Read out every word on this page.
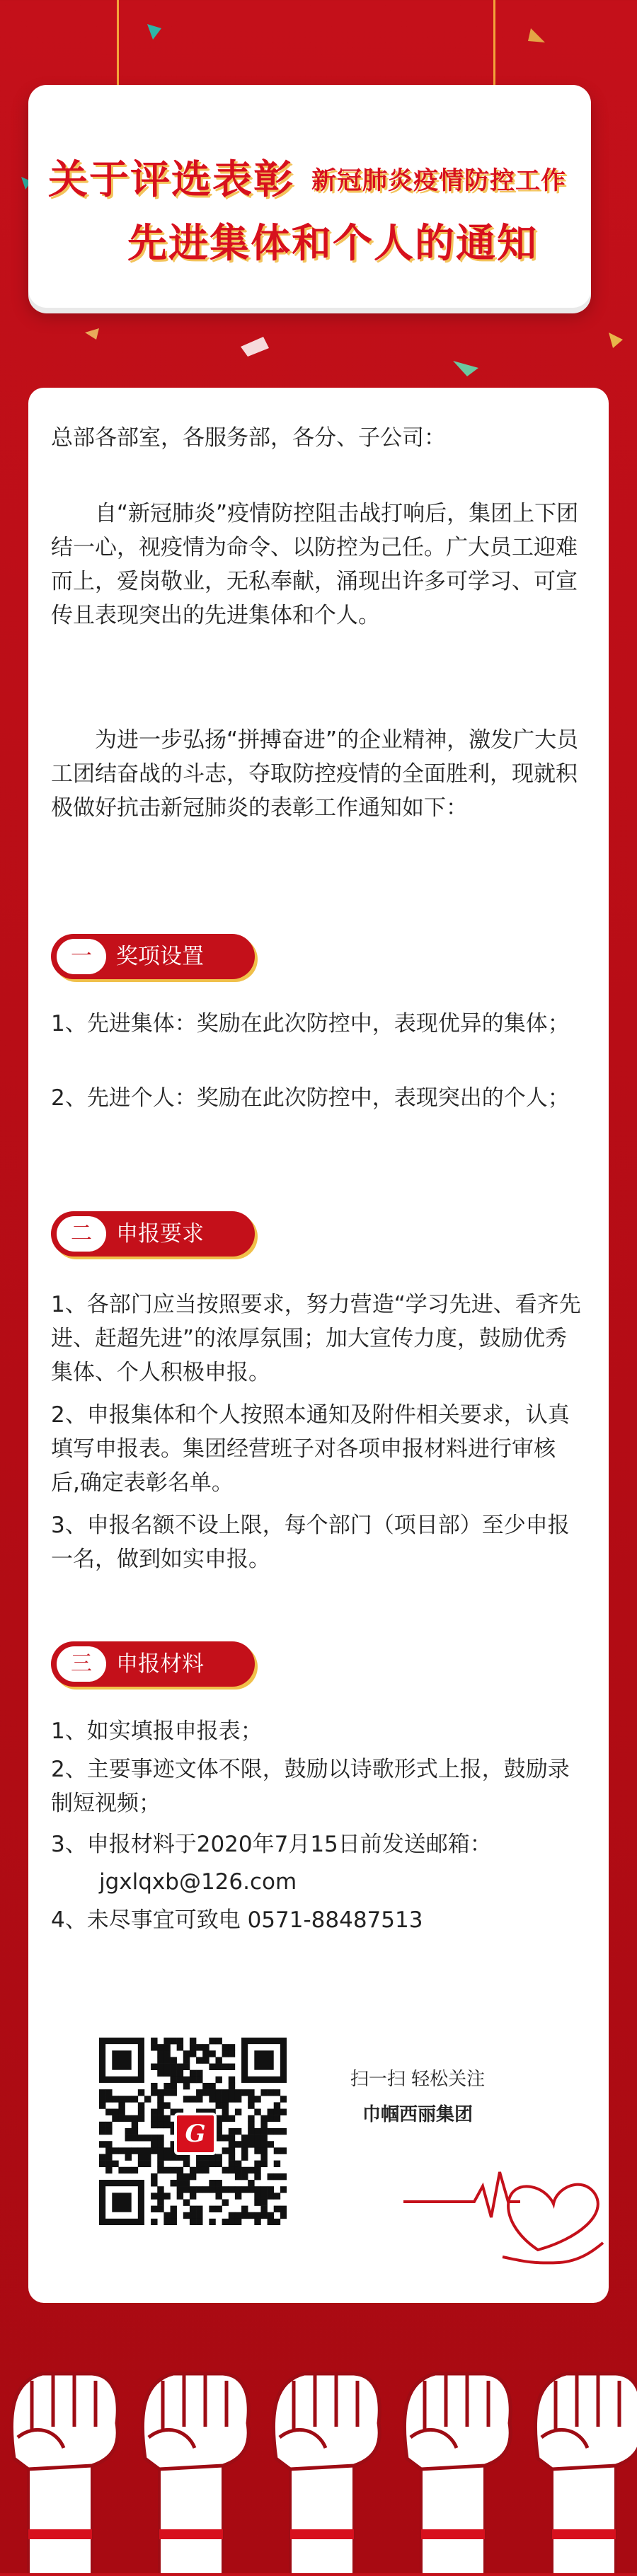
关于评选表彰 新冠肺炎疫情防控工作
先进集体和个人的通知
总部各部室，各服务部，各分、子公司：
自“新冠肺炎”疫情防控阻击战打响后，集团上下团结一心，视疫情为命令、以防控为己任。广大员工迎难而上，爱岗敬业，无私奉献，涌现出许多可学习、可宣传且表现突出的先进集体和个人。
为进一步弘扬“拼搏奋进”的企业精神，激发广大员工团结奋战的斗志，夺取防控疫情的全面胜利，现就积极做好抗击新冠肺炎的表彰工作通知如下：
一	奖项设置
1、先进集体：奖励在此次防控中，表现优异的集体；
2、先进个人：奖励在此次防控中，表现突出的个人；
二	申报要求
1、各部门应当按照要求，努力营造“学习先进、看齐先进、赶超先进”的浓厚氛围；加大宣传力度，鼓励优秀集体、个人积极申报。
2、申报集体和个人按照本通知及附件相关要求，认真填写申报表。集团经营班子对各项申报材料进行审核后,确定表彰名单。
3、申报名额不设上限，每个部门（项目部）至少申报一名，做到如实申报。
三	申报材料
1、如实填报申报表；
2、主要事迹文体不限，鼓励以诗歌形式上报，鼓励录制短视频；
3、申报材料于2020年7月15日前发送邮箱：
jgxlqxb@126.com
4、未尽事宜可致电 0571-88487513
G
扫一扫 轻松关注
巾帼西丽集团
